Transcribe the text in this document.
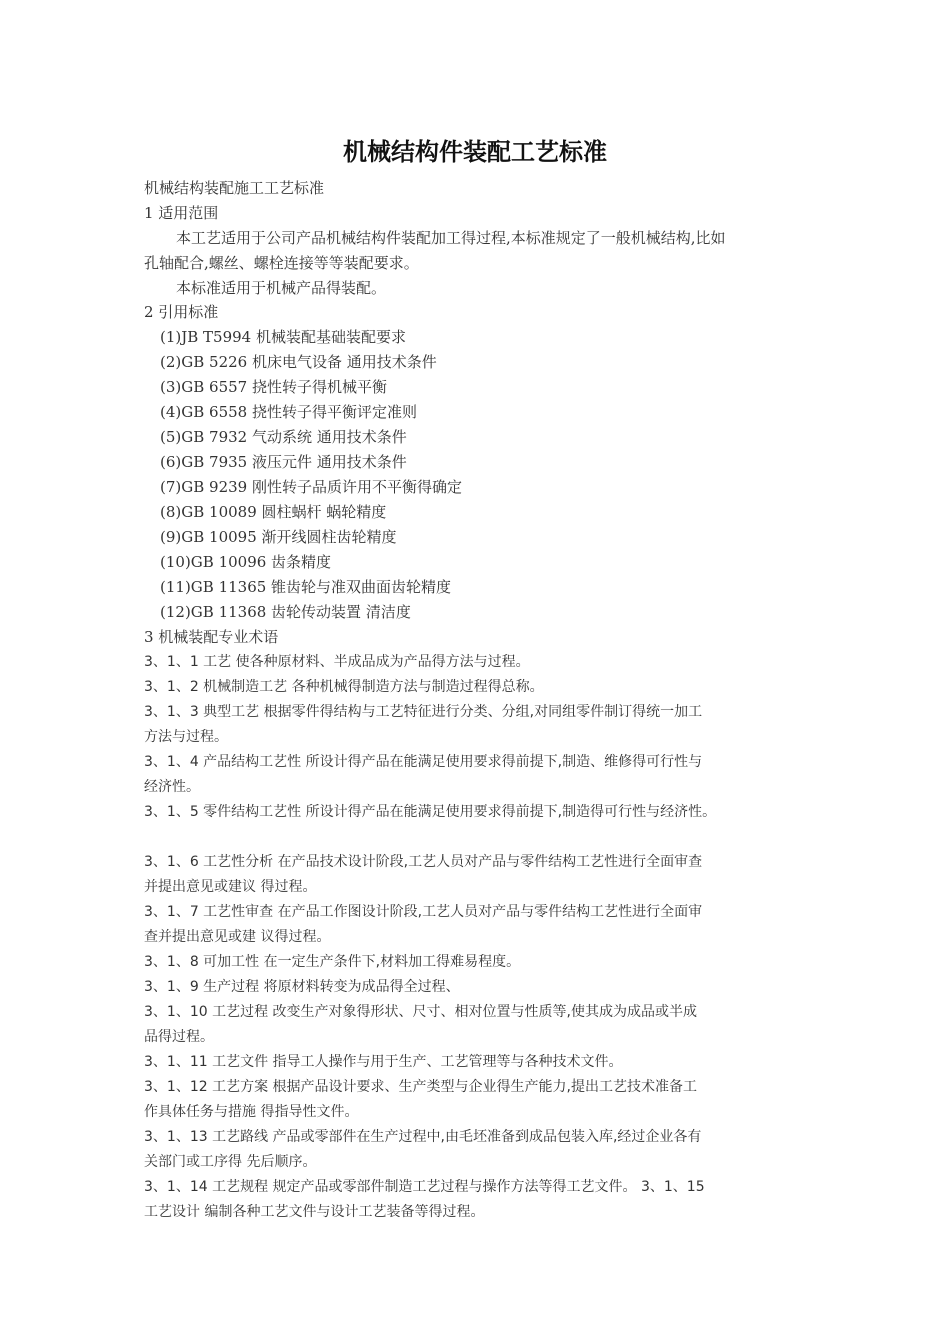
机械结构件装配工艺标准
机械结构装配施工工艺标准
1 适用范围
本工艺适用于公司产品机械结构件装配加工得过程,本标准规定了一般机械结构,比如
孔轴配合,螺丝、螺栓连接等等装配要求。
本标准适用于机械产品得装配。
2 引用标准
(1)JB T5994 机械装配基础装配要求
(2)GB 5226 机床电气设备 通用技术条件
(3)GB 6557 挠性转子得机械平衡
(4)GB 6558 挠性转子得平衡评定准则
(5)GB 7932 气动系统 通用技术条件
(6)GB 7935 液压元件 通用技术条件
(7)GB 9239 刚性转子品质许用不平衡得确定
(8)GB 10089 圆柱蜗杆 蜗轮精度
(9)GB 10095 渐开线圆柱齿轮精度
(10)GB 10096 齿条精度
(11)GB 11365 锥齿轮与准双曲面齿轮精度
(12)GB 11368 齿轮传动装置 清洁度
3 机械装配专业术语
3、1、1 工艺 使各种原材料、半成品成为产品得方法与过程。
3、1、2 机械制造工艺 各种机械得制造方法与制造过程得总称。
3、1、3 典型工艺 根据零件得结构与工艺特征进行分类、分组,对同组零件制订得统一加工
方法与过程。
3、1、4 产品结构工艺性 所设计得产品在能满足使用要求得前提下,制造、维修得可行性与
经济性。
3、1、5 零件结构工艺性 所设计得产品在能满足使用要求得前提下,制造得可行性与经济性。
3、1、6 工艺性分析 在产品技术设计阶段,工艺人员对产品与零件结构工艺性进行全面审查
并提出意见或建议 得过程。
3、1、7 工艺性审查 在产品工作图设计阶段,工艺人员对产品与零件结构工艺性进行全面审
查并提出意见或建 议得过程。
3、1、8 可加工性 在一定生产条件下,材料加工得难易程度。
3、1、9 生产过程 将原材料转变为成品得全过程、
3、1、10 工艺过程 改变生产对象得形状、尺寸、相对位置与性质等,使其成为成品或半成
品得过程。
3、1、11 工艺文件 指导工人操作与用于生产、工艺管理等与各种技术文件。
3、1、12 工艺方案 根据产品设计要求、生产类型与企业得生产能力,提出工艺技术准备工
作具体任务与措施 得指导性文件。
3、1、13 工艺路线 产品或零部件在生产过程中,由毛坯准备到成品包装入库,经过企业各有
关部门或工序得 先后顺序。
3、1、14 工艺规程 规定产品或零部件制造工艺过程与操作方法等得工艺文件。 3、1、15
工艺设计 编制各种工艺文件与设计工艺装备等得过程。
